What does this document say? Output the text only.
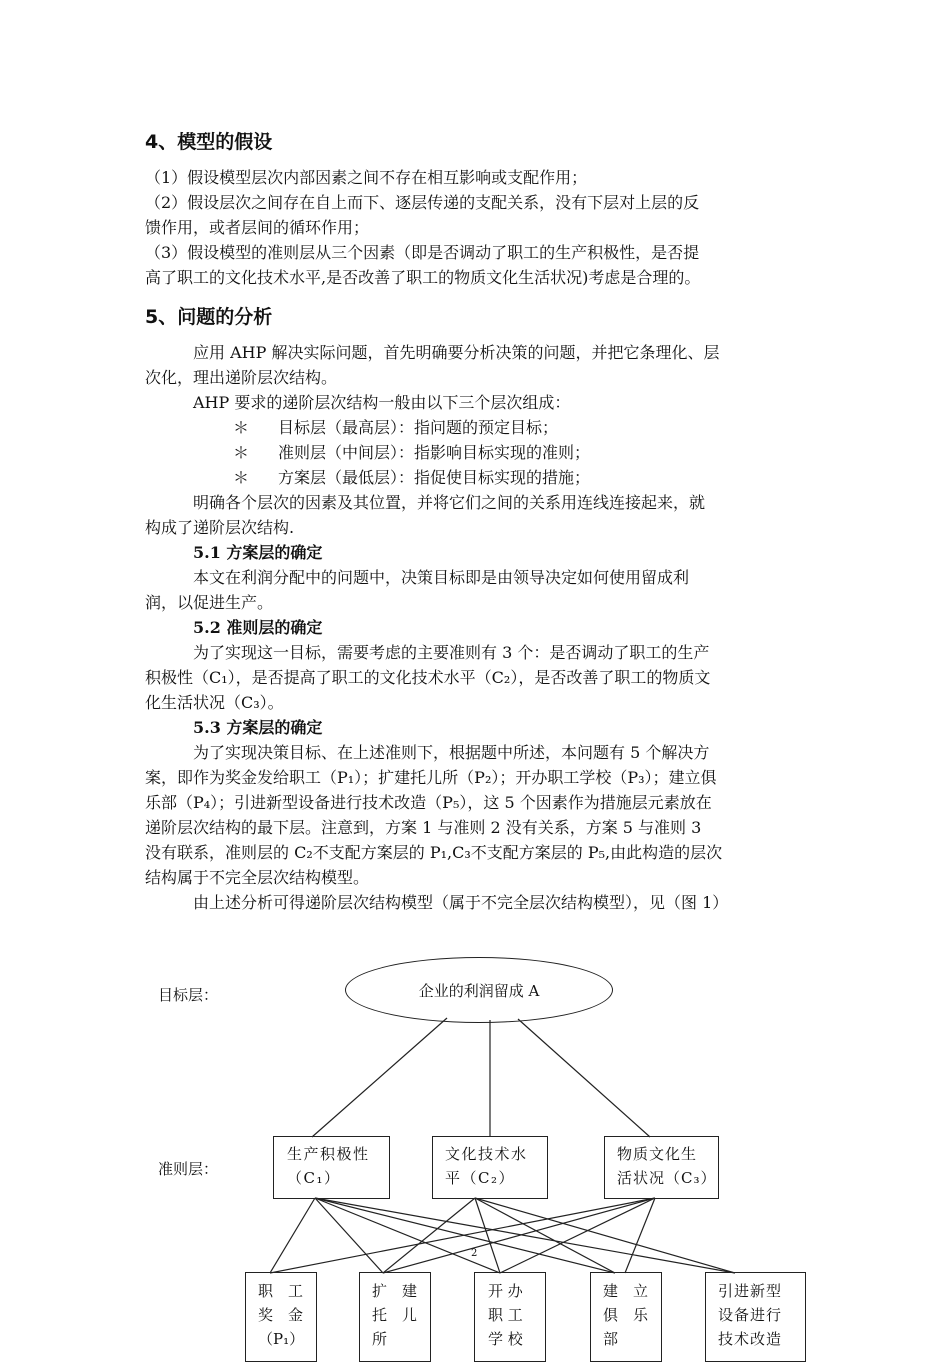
4、模型的假设
（1）假设模型层次内部因素之间不存在相互影响或支配作用；
（2）假设层次之间存在自上而下、逐层传递的支配关系，没有下层对上层的反
馈作用，或者层间的循环作用；
（3）假设模型的准则层从三个因素（即是否调动了职工的生产积极性，是否提
高了职工的文化技术水平,是否改善了职工的物质文化生活状况)考虑是合理的。
5、问题的分析
应用 AHP 解决实际问题，首先明确要分析决策的问题，并把它条理化、层
次化，理出递阶层次结构。
AHP 要求的递阶层次结构一般由以下三个层次组成：
＊ 目标层（最高层）：指问题的预定目标；
＊ 准则层（中间层）：指影响目标实现的准则；
＊ 方案层（最低层）：指促使目标实现的措施；
明确各个层次的因素及其位置，并将它们之间的关系用连线连接起来，就
构成了递阶层次结构.
5.1 方案层的确定
本文在利润分配中的问题中，决策目标即是由领导决定如何使用留成利
润，以促进生产。
5.2 准则层的确定
为了实现这一目标，需要考虑的主要准则有 3 个：是否调动了职工的生产
积极性（C₁），是否提高了职工的文化技术水平（C₂），是否改善了职工的物质文
化生活状况（C₃）。
5.3 方案层的确定
为了实现决策目标、在上述准则下，根据题中所述，本问题有 5 个解决方
案，即作为奖金发给职工（P₁）；扩建托儿所（P₂）；开办职工学校（P₃）；建立俱
乐部（P₄）；引进新型设备进行技术改造（P₅），这 5 个因素作为措施层元素放在
递阶层次结构的最下层。注意到，方案 1 与准则 2 没有关系，方案 5 与准则 3
没有联系，准则层的 C₂不支配方案层的 P₁,C₃不支配方案层的 P₅,由此构造的层次
结构属于不完全层次结构模型。
由上述分析可得递阶层次结构模型（属于不完全层次结构模型），见（图 1）
目标层：	企业的利润留成 A
准则层：
生产积极性
（C₁）
文化技术水
平（C₂）
物质文化生
活状况（C₃）
2
职　工
奖　金
（P₁）
扩　建
托　儿
所
开 办
职 工
学 校
建　立
俱　乐
部
引进新型
设备进行
技术改造
